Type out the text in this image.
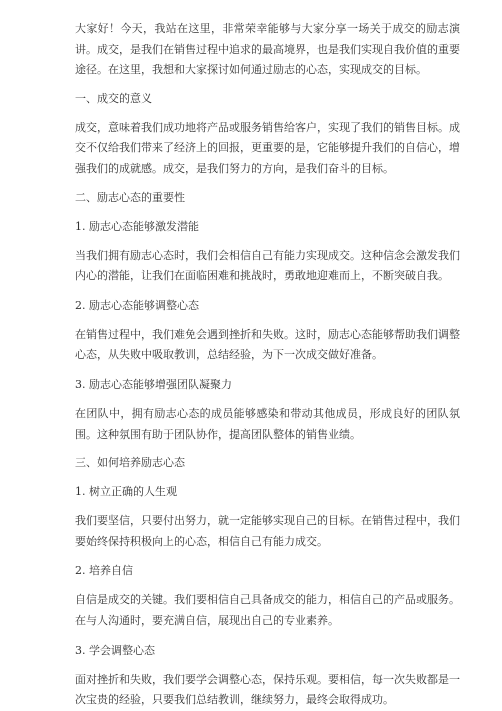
大家好！今天，我站在这里，非常荣幸能够与大家分享一场关于成交的励志演讲。成交，是我们在销售过程中追求的最高境界，也是我们实现自我价值的重要途径。在这里，我想和大家探讨如何通过励志的心态，实现成交的目标。

一、成交的意义

成交，意味着我们成功地将产品或服务销售给客户，实现了我们的销售目标。成交不仅给我们带来了经济上的回报，更重要的是，它能够提升我们的自信心，增强我们的成就感。成交，是我们努力的方向，是我们奋斗的目标。

二、励志心态的重要性

1. 励志心态能够激发潜能

当我们拥有励志心态时，我们会相信自己有能力实现成交。这种信念会激发我们内心的潜能，让我们在面临困难和挑战时，勇敢地迎难而上，不断突破自我。

2. 励志心态能够调整心态

在销售过程中，我们难免会遇到挫折和失败。这时，励志心态能够帮助我们调整心态，从失败中吸取教训，总结经验，为下一次成交做好准备。

3. 励志心态能够增强团队凝聚力

在团队中，拥有励志心态的成员能够感染和带动其他成员，形成良好的团队氛围。这种氛围有助于团队协作，提高团队整体的销售业绩。

三、如何培养励志心态

1. 树立正确的人生观

我们要坚信，只要付出努力，就一定能够实现自己的目标。在销售过程中，我们要始终保持积极向上的心态，相信自己有能力成交。

2. 培养自信

自信是成交的关键。我们要相信自己具备成交的能力，相信自己的产品或服务。在与人沟通时，要充满自信，展现出自己的专业素养。

3. 学会调整心态

面对挫折和失败，我们要学会调整心态，保持乐观。要相信，每一次失败都是一次宝贵的经验，只要我们总结教训，继续努力，最终会取得成功。
